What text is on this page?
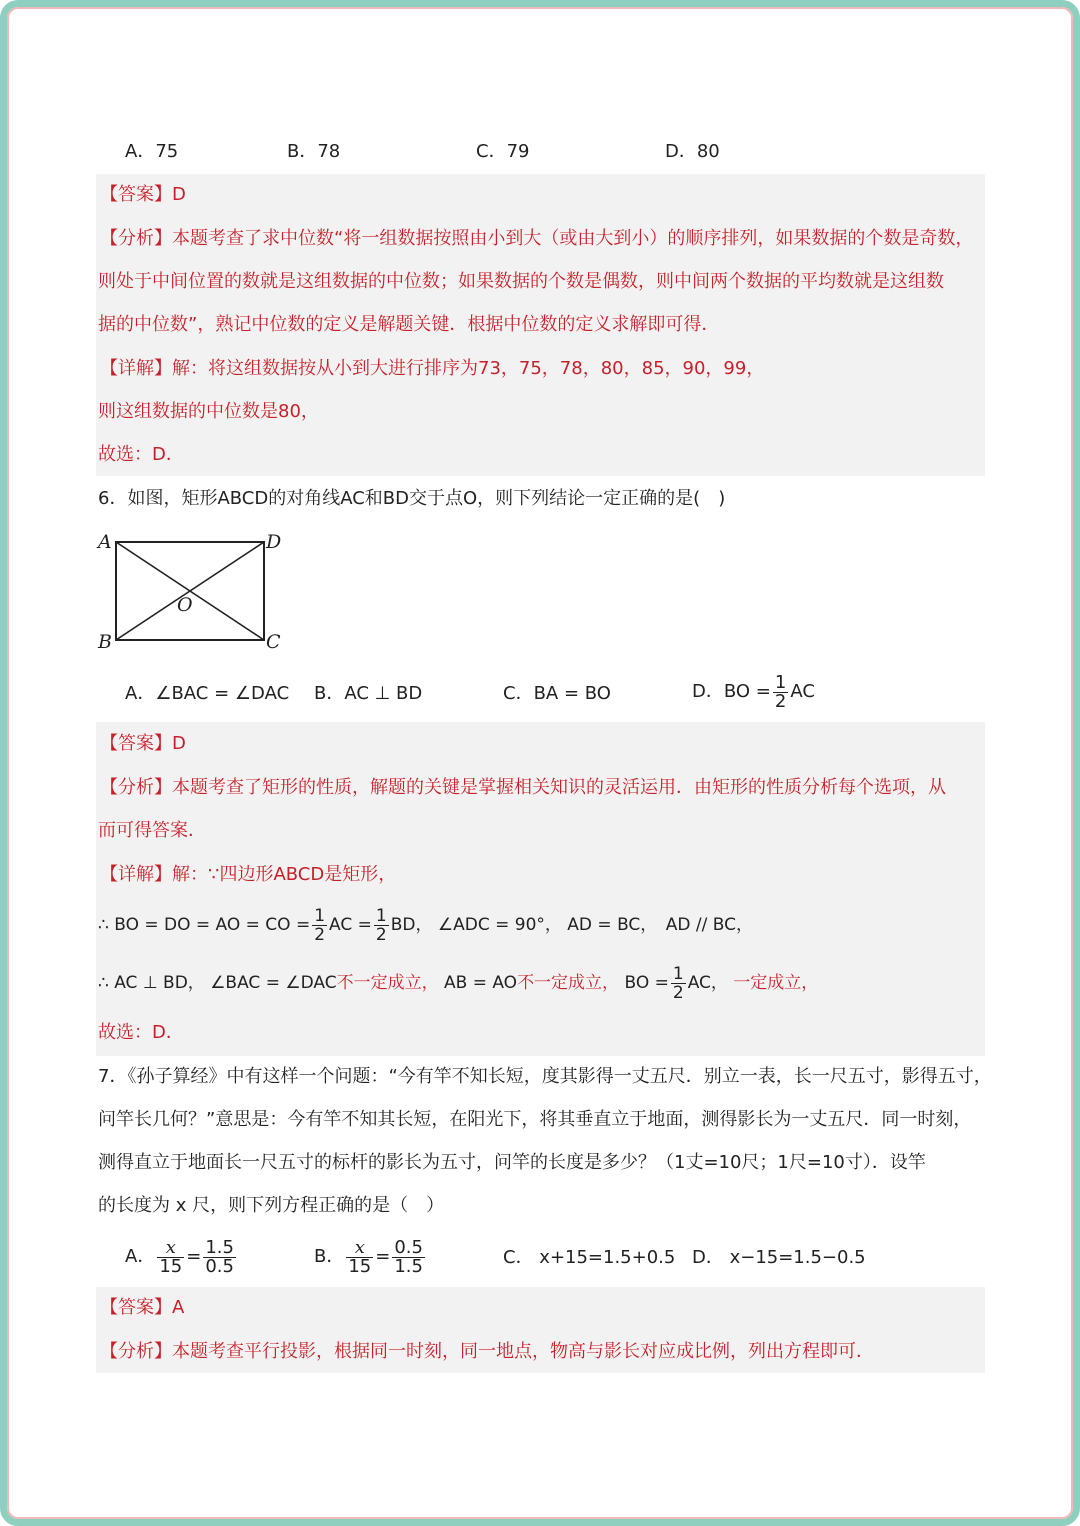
A．75	B．78	C．79	D．80
【答案】D
【分析】本题考查了求中位数“将一组数据按照由小到大（或由大到小）的顺序排列，如果数据的个数是奇数，
则处于中间位置的数就是这组数据的中位数；如果数据的个数是偶数，则中间两个数据的平均数就是这组数
据的中位数”，熟记中位数的定义是解题关键．根据中位数的定义求解即可得．
【详解】解：将这组数据按从小到大进行排序为73，75，78，80，85，90，99，
则这组数据的中位数是80，
故选：D．
6．如图，矩形ABCD的对角线AC和BD交于点O，则下列结论一定正确的是(　)
A	D
O
B	C
A．∠BAC = ∠DAC B．AC ⊥ BD	C．BA = BO	D．BO = $\frac{1}{2}$ AC
【答案】D
【分析】本题考查了矩形的性质，解题的关键是掌握相关知识的灵活运用．由矩形的性质分析每个选项，从
而可得答案．
【详解】解：∵四边形ABCD是矩形，
∴ BO = DO = AO = CO = $\frac{1}{2}$ AC = $\frac{1}{2}$ BD， ∠ADC = 90°， AD = BC，　AD // BC，
∴ AC ⊥ BD， ∠BAC = ∠DAC不一定成立， AB = AO不一定成立， BO = $\frac{1}{2}$ AC， 一定成立，
故选：D．
7．《孙子算经》中有这样一个问题：“今有竿不知长短，度其影得一丈五尺．别立一表，长一尺五寸，影得五寸，
问竿长几何？”意思是：今有竿不知其长短，在阳光下，将其垂直立于地面，测得影长为一丈五尺．同一时刻，
测得直立于地面长一尺五寸的标杆的影长为五寸，问竿的长度是多少？（1丈=10尺；1尺=10寸）．设竿
的长度为 x 尺，则下列方程正确的是（　）
A． $\frac{x}{15} = \frac{1.5}{0.5}$	B． $\frac{x}{15} = \frac{0.5}{1.5}$	C． x+15=1.5+0.5 D． x−15=1.5−0.5
【答案】A
【分析】本题考查平行投影，根据同一时刻，同一地点，物高与影长对应成比例，列出方程即可．
